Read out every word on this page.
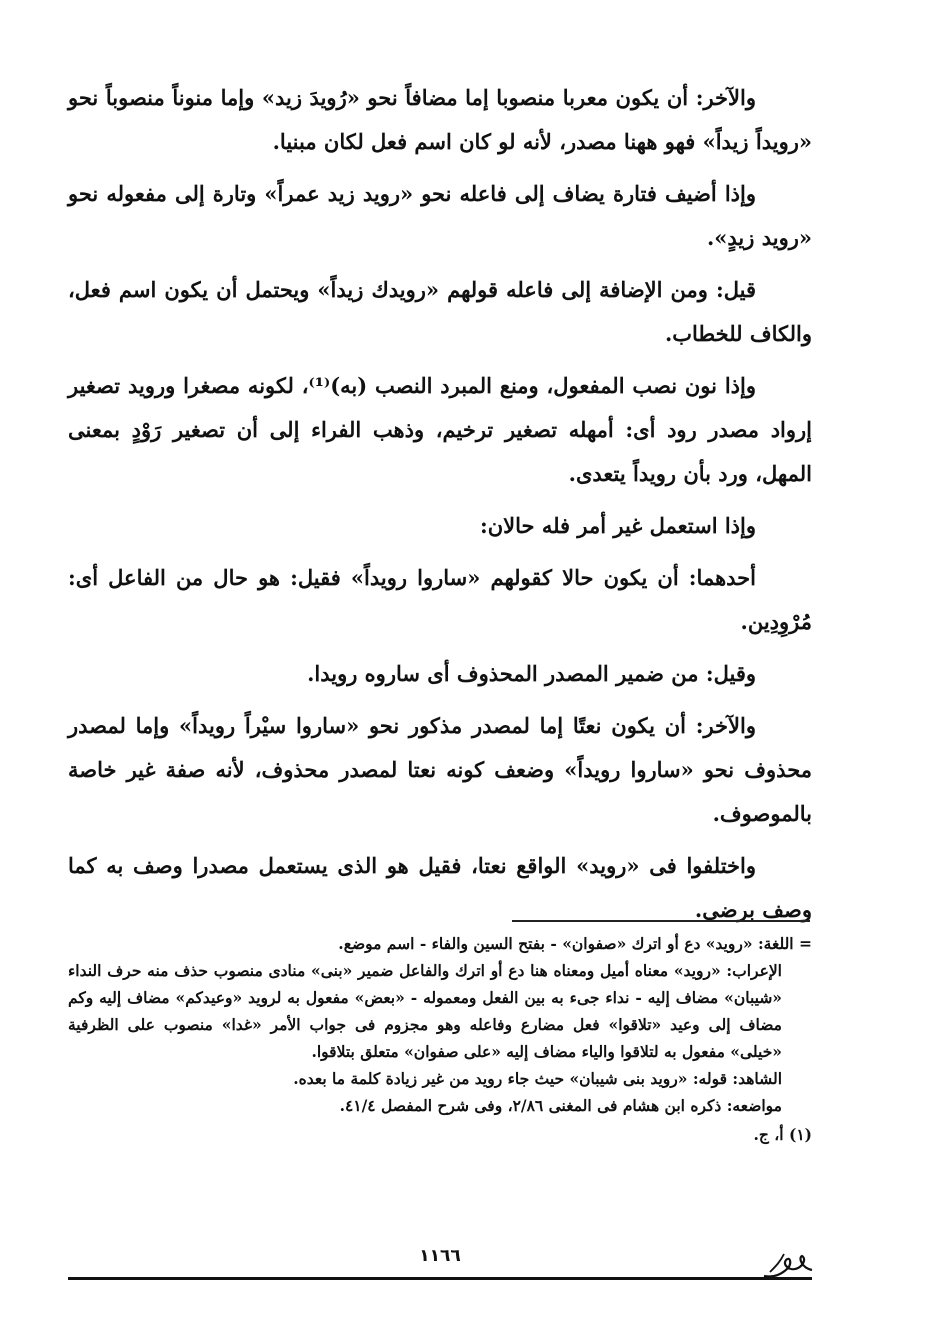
والآخر: أن يكون معربا منصوبا إما مضافاً نحو «رُويدَ زيد» وإما منوناً منصوباً نحو «رويداً زيداً» فهو ههنا مصدر، لأنه لو كان اسم فعل لكان مبنيا.

وإذا أضيف فتارة يضاف إلى فاعله نحو «رويد زيد عمراً» وتارة إلى مفعوله نحو «رويد زيدٍ».

قيل: ومن الإضافة إلى فاعله قولهم «رويدك زيداً» ويحتمل أن يكون اسم فعل، والكاف للخطاب.

وإذا نون نصب المفعول، ومنع المبرد النصب (به)⁽¹⁾، لكونه مصغرا ورويد تصغير إرواد مصدر رود أى: أمهله تصغير ترخيم، وذهب الفراء إلى أن تصغير رَوْدٍ بمعنى المهل، ورد بأن رويداً يتعدى.

وإذا استعمل غير أمر فله حالان:

أحدهما: أن يكون حالا كقولهم «ساروا رويداً» فقيل: هو حال من الفاعل أى: مُرْوِدِين.

وقيل: من ضمير المصدر المحذوف أى ساروه رويدا.

والآخر: أن يكون نعتًا إما لمصدر مذكور نحو «ساروا سيْراً رويداً» وإما لمصدر محذوف نحو «ساروا رويداً» وضعف كونه نعتا لمصدر محذوف، لأنه صفة غير خاصة بالموصوف.

واختلفوا فى «رويد» الواقع نعتا، فقيل هو الذى يستعمل مصدرا وصف به كما وصف برضى.

= اللغة: «رويد» دع أو اترك «صفوان» - بفتح السين والفاء - اسم موضع.

الإعراب: «رويد» معناه أميل ومعناه هنا دع أو اترك والفاعل ضمير «بنى» منادى منصوب حذف منه حرف النداء «شيبان» مضاف إليه - نداء جىء به بين الفعل ومعموله - «بعض» مفعول به لرويد «وعيدكم» مضاف إليه وكم مضاف إلى وعيد «تلاقوا» فعل مضارع وفاعله وهو مجزوم فى جواب الأمر «غدا» منصوب على الظرفية «خيلى» مفعول به لتلاقوا والياء مضاف إليه «على صفوان» متعلق بتلاقوا.

الشاهد: قوله: «رويد بنى شيبان» حيث جاء رويد من غير زيادة كلمة ما بعده.

مواضعه: ذكره ابن هشام فى المغنى ٢/٨٦، وفى شرح المفصل ٤١/٤.

(١) أ، ج.

١١٦٦
